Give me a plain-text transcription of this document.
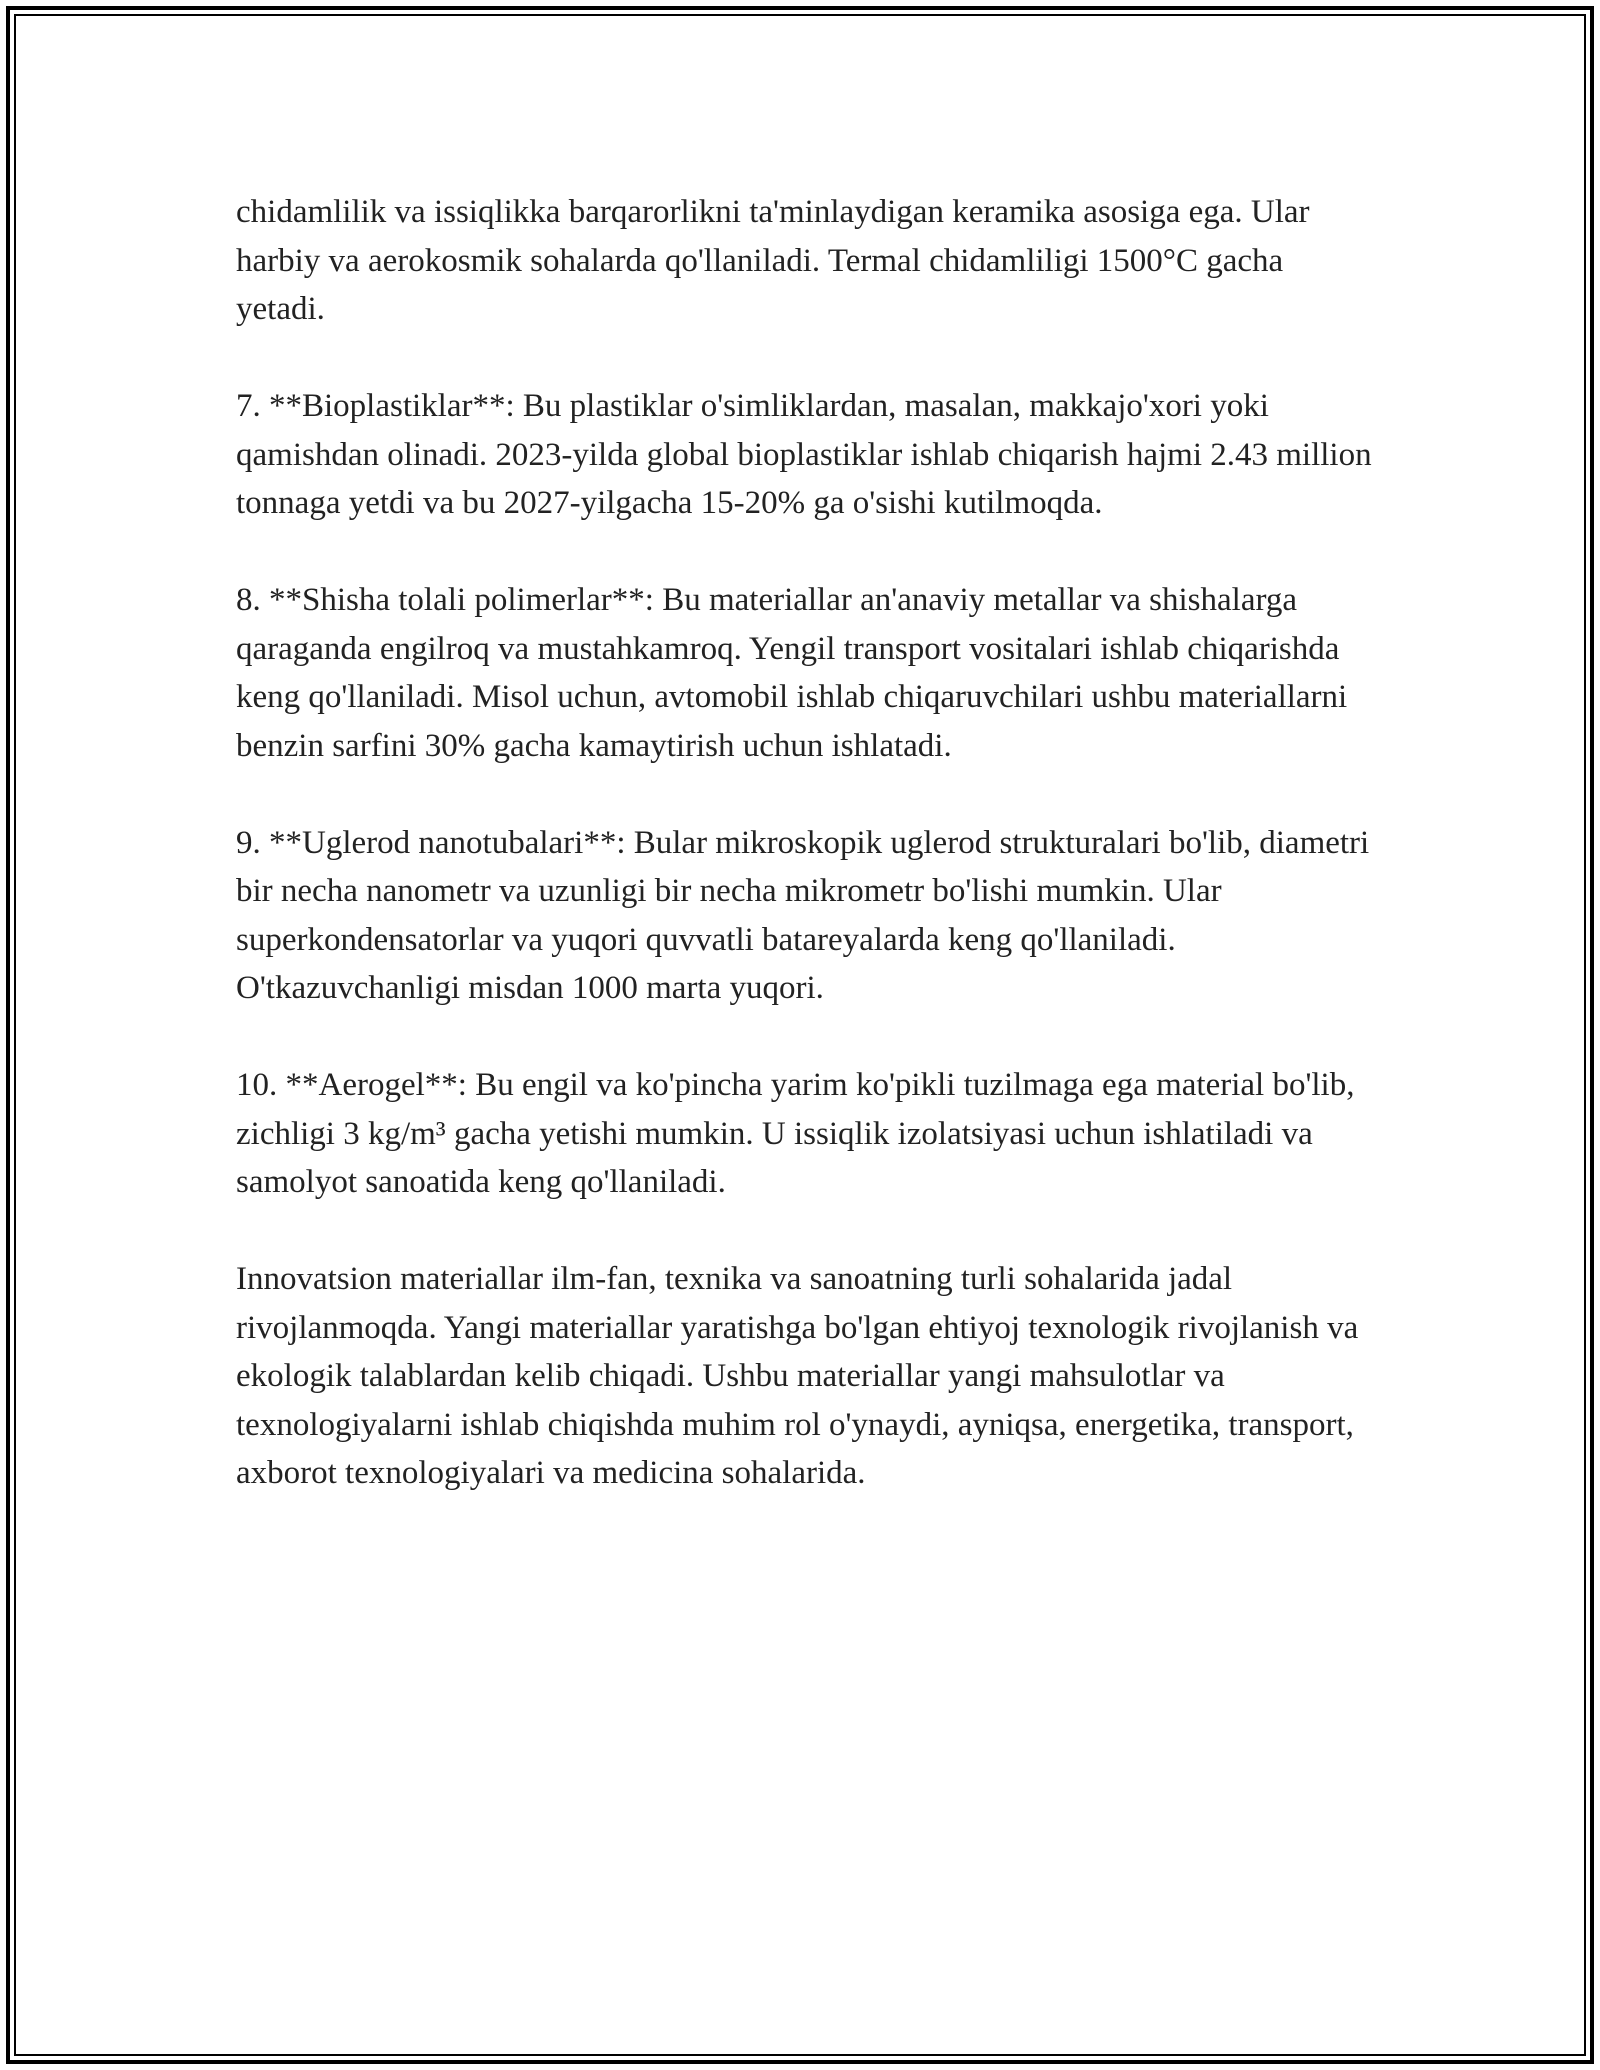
chidamlilik va issiqlikka barqarorlikni ta'minlaydigan keramika asosiga ega. Ular harbiy va aerokosmik sohalarda qo'llaniladi. Termal chidamliligi 1500°C gacha yetadi.

7. **Bioplastiklar**: Bu plastiklar o'simliklardan, masalan, makkajo'xori yoki qamishdan olinadi. 2023-yilda global bioplastiklar ishlab chiqarish hajmi 2.43 million tonnaga yetdi va bu 2027-yilgacha 15-20% ga o'sishi kutilmoqda.

8. **Shisha tolali polimerlar**: Bu materiallar an'anaviy metallar va shishalarga qaraganda engilroq va mustahkamroq. Yengil transport vositalari ishlab chiqarishda keng qo'llaniladi. Misol uchun, avtomobil ishlab chiqaruvchilari ushbu materiallarni benzin sarfini 30% gacha kamaytirish uchun ishlatadi.

9. **Uglerod nanotubalari**: Bular mikroskopik uglerod strukturalari bo'lib, diametri bir necha nanometr va uzunligi bir necha mikrometr bo'lishi mumkin. Ular superkondensatorlar va yuqori quvvatli batareyalarda keng qo'llaniladi. O'tkazuvchanligi misdan 1000 marta yuqori.

10. **Aerogel**: Bu engil va ko'pincha yarim ko'pikli tuzilmaga ega material bo'lib, zichligi 3 kg/m³ gacha yetishi mumkin. U issiqlik izolatsiyasi uchun ishlatiladi va samolyot sanoatida keng qo'llaniladi.

Innovatsion materiallar ilm-fan, texnika va sanoatning turli sohalarida jadal rivojlanmoqda. Yangi materiallar yaratishga bo'lgan ehtiyoj texnologik rivojlanish va ekologik talablardan kelib chiqadi. Ushbu materiallar yangi mahsulotlar va texnologiyalarni ishlab chiqishda muhim rol o'ynaydi, ayniqsa, energetika, transport, axborot texnologiyalari va medicina sohalarida.
